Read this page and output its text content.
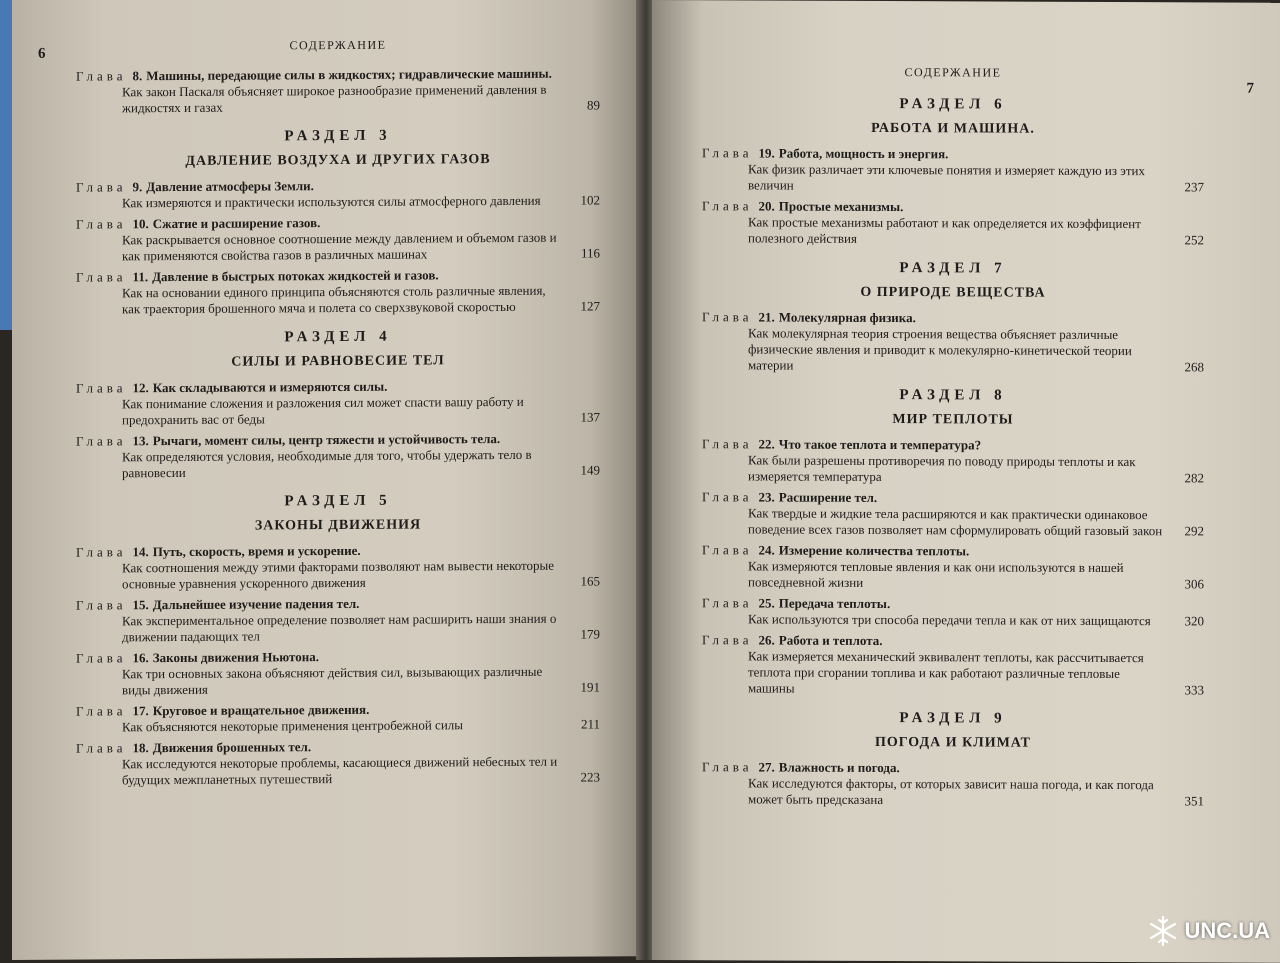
6
СОДЕРЖАНИЕ
Глава 8. Машины, передающие силы в жидкостях; гидравлические машины.
Как закон Паскаля объясняет широкое разнообразие применений давления в жидкостях и газах	89
РАЗДЕЛ 3
ДАВЛЕНИЕ ВОЗДУХА И ДРУГИХ ГАЗОВ
Глава 9. Давление атмосферы Земли.
Как измеряются и практически используются силы атмосферного давления	102
Глава 10. Сжатие и расширение газов.
Как раскрывается основное соотношение между давлением и объемом газов и как применяются свойства газов в различных машинах	116
Глава 11. Давление в быстрых потоках жидкостей и газов.
Как на основании единого принципа объясняются столь различные явления, как траектория брошенного мяча и полета со сверхзвуковой скоростью	127
РАЗДЕЛ 4
СИЛЫ И РАВНОВЕСИЕ ТЕЛ
Глава 12. Как складываются и измеряются силы.
Как понимание сложения и разложения сил может спасти вашу работу и предохранить вас от беды	137
Глава 13. Рычаги, момент силы, центр тяжести и устойчивость тела.
Как определяются условия, необходимые для того, чтобы удержать тело в равновесии	149
РАЗДЕЛ 5
ЗАКОНЫ ДВИЖЕНИЯ
Глава 14. Путь, скорость, время и ускорение.
Как соотношения между этими факторами позволяют нам вывести некоторые основные уравнения ускоренного движения	165
Глава 15. Дальнейшее изучение падения тел.
Как экспериментальное определение позволяет нам расширить наши знания о движении падающих тел	179
Глава 16. Законы движения Ньютона.
Как три основных закона объясняют действия сил, вызывающих различные виды движения	191
Глава 17. Круговое и вращательное движения.
Как объясняются некоторые применения центробежной силы	211
Глава 18. Движения брошенных тел.
Как исследуются некоторые проблемы, касающиеся движений небесных тел и будущих межпланетных путешествий	223
СОДЕРЖАНИЕ
7
РАЗДЕЛ 6
РАБОТА И МАШИНА.
Глава 19. Работа, мощность и энергия.
Как физик различает эти ключевые понятия и измеряет каждую из этих величин	237
Глава 20. Простые механизмы.
Как простые механизмы работают и как определяется их коэффициент полезного действия	252
РАЗДЕЛ 7
О ПРИРОДЕ ВЕЩЕСТВА
Глава 21. Молекулярная физика.
Как молекулярная теория строения вещества объясняет различные физические явления и приводит к молекулярно-кинетической теории материи	268
РАЗДЕЛ 8
МИР ТЕПЛОТЫ
Глава 22. Что такое теплота и температура?
Как были разрешены противоречия по поводу природы теплоты и как измеряется температура	282
Глава 23. Расширение тел.
Как твердые и жидкие тела расширяются и как практически одинаковое поведение всех газов позволяет нам сформулировать общий газовый закон	292
Глава 24. Измерение количества теплоты.
Как измеряются тепловые явления и как они используются в нашей повседневной жизни	306
Глава 25. Передача теплоты.
Как используются три способа передачи тепла и как от них защищаются	320
Глава 26. Работа и теплота.
Как измеряется механический эквивалент теплоты, как рассчитывается теплота при сгорании топлива и как работают различные тепловые машины	333
РАЗДЕЛ 9
ПОГОДА И КЛИМАТ
Глава 27. Влажность и погода.
Как исследуются факторы, от которых зависит наша погода, и как погода может быть предсказана	351
UNC.UA
